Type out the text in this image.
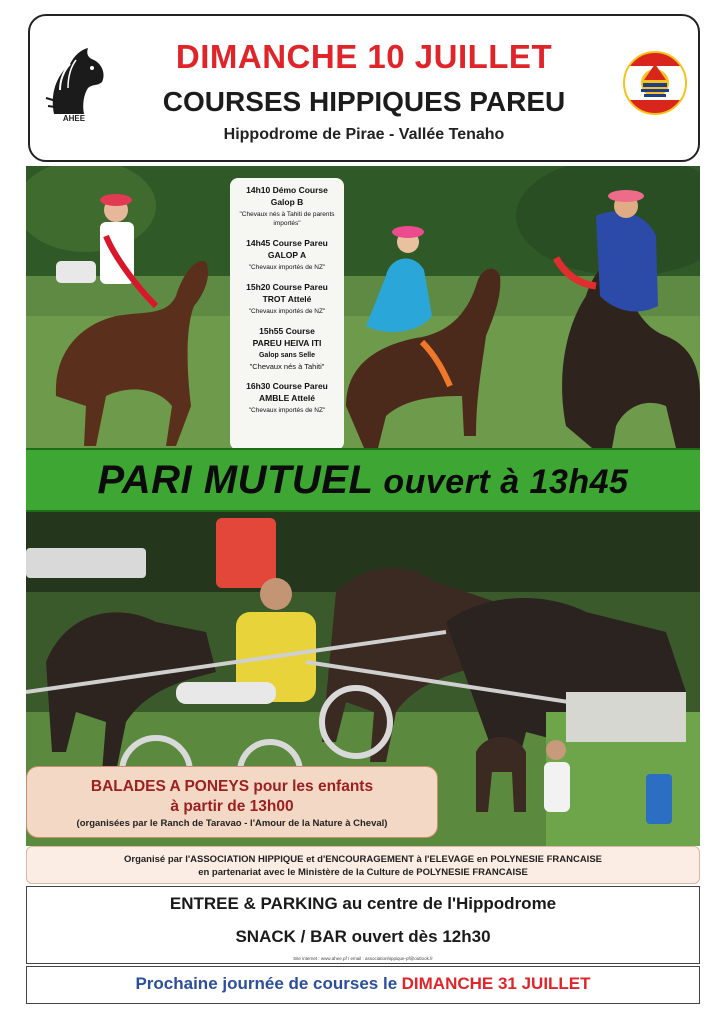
AHEE
DIMANCHE 10 JUILLET
COURSES HIPPIQUES PAREU
Hippodrome de Pirae - Vallée Tenaho
14h10 Démo Course
Galop B
"Chevaux nés à Tahiti de parents importés"
14h45 Course Pareu
GALOP A
"Chevaux importés de NZ"
15h20 Course Pareu
TROT Attelé
"Chevaux importés de NZ"
15h55 Course
PAREU HEIVA ITI
Galop sans Selle
"Chevaux nés à Tahiti"
16h30 Course Pareu
AMBLE Attelé
"Chevaux importés de NZ"
PARI MUTUEL ouvert à 13h45
BALADES A PONEYS pour les enfants
à partir de 13h00
(organisées par le Ranch de Taravao - l'Amour de la Nature à Cheval)
Organisé par l'ASSOCIATION HIPPIQUE et d'ENCOURAGEMENT à l'ELEVAGE en POLYNESIE FRANCAISE
en partenariat avec le Ministère de la Culture de POLYNESIE FRANCAISE
ENTREE & PARKING au centre de l'Hippodrome
SNACK / BAR ouvert dès 12h30
Site internet : www.ahee.pf / email : associationhippique-pf@outlook.fr
Prochaine journée de courses le DIMANCHE 31 JUILLET
